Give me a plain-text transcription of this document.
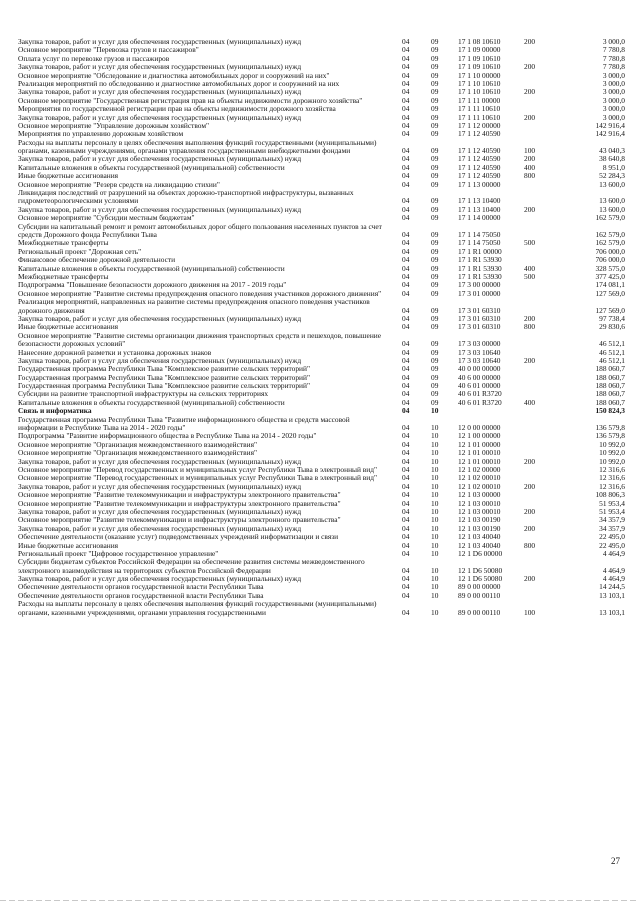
Закупка товаров, работ и услуг для обеспечения государственных (муниципальных) нужд	04	09	17 1 08 10610	200	3 000,0
Основное мероприятие "Перевозка грузов и пассажиров"	04	09	17 1 09 00000	7 780,8
Оплата услуг по перевозке грузов и пассажиров	04	09	17 1 09 10610	7 780,8
Закупка товаров, работ и услуг для обеспечения государственных (муниципальных) нужд	04	09	17 1 09 10610	200	7 780,8
Основное мероприятие "Обследование и диагностика автомобильных дорог и сооружений на них"	04	09	17 1 10 00000	3 000,0
Реализация мероприятий по обследованию и диагностике автомобильных дорог и сооружений на них	04	09	17 1 10 10610	3 000,0
Закупка товаров, работ и услуг для обеспечения государственных (муниципальных) нужд	04	09	17 1 10 10610	200	3 000,0
Основное мероприятие "Государственная регистрация прав на объекты недвижимости дорожного хозяйства"	04	09	17 1 11 00000	3 000,0
Мероприятия по государственной регистрации прав на объекты недвижимости дорожного хозяйства	04	09	17 1 11 10610	3 000,0
Закупка товаров, работ и услуг для обеспечения государственных (муниципальных) нужд	04	09	17 1 11 10610	200	3 000,0
Основное мероприятие "Управление дорожным хозяйством"	04	09	17 1 12 00000	142 916,4
Мероприятия по управлению дорожным хозяйством	04	09	17 1 12 40590	142 916,4
Расходы на выплаты персоналу в целях обеспечения выполнения функций государственными (муниципальными) органами, казенными учреждениями, органами управления государственными внебюджетными фондами	04	09	17 1 12 40590	100	43 040,3
Закупка товаров, работ и услуг для обеспечения государственных (муниципальных) нужд	04	09	17 1 12 40590	200	38 640,8
Капитальные вложения в объекты государственной (муниципальной) собственности	04	09	17 1 12 40590	400	8 951,0
Иные бюджетные ассигнования	04	09	17 1 12 40590	800	52 284,3
Основное мероприятие "Резерв средств на ликвидацию стихии"	04	09	17 1 13 00000	13 600,0
Ликвидация последствий от разрушений на объектах дорожно-транспортной инфраструктуры, вызванных гидрометеорологическими условиями	04	09	17 1 13 10400	13 600,0
Закупка товаров, работ и услуг для обеспечения государственных (муниципальных) нужд	04	09	17 1 13 10400	200	13 600,0
Основное мероприятие "Субсидии местным бюджетам"	04	09	17 1 14 00000	162 579,0
Субсидии на капитальный ремонт и ремонт автомобильных дорог общего пользования населенных пунктов за счет средств Дорожного фонда Республики Тыва	04	09	17 1 14 75050	162 579,0
Межбюджетные трансферты	04	09	17 1 14 75050	500	162 579,0
Региональный проект "Дорожная сеть"	04	09	17 1 R1 00000	706 000,0
Финансовое обеспечение дорожной деятельности	04	09	17 1 R1 53930	706 000,0
Капитальные вложения в объекты государственной (муниципальной) собственности	04	09	17 1 R1 53930	400	328 575,0
Межбюджетные трансферты	04	09	17 1 R1 53930	500	377 425,0
Подпрограмма "Повышение безопасности дорожного движения на 2017 - 2019 годы"	04	09	17 3 00 00000	174 081,1
Основное мероприятие "Развитие системы предупреждения опасного поведения участников дорожного движения"	04	09	17 3 01 00000	127 569,0
Реализация мероприятий, направленных на развитие системы предупреждения опасного поведения участников дорожного движения	04	09	17 3 01 60310	127 569,0
Закупка товаров, работ и услуг для обеспечения государственных (муниципальных) нужд	04	09	17 3 01 60310	200	97 738,4
Иные бюджетные ассигнования	04	09	17 3 01 60310	800	29 830,6
Основное мероприятие "Развитие системы организации движения транспортных средств и пешеходов, повышение безопасности дорожных условий"	04	09	17 3 03 00000	46 512,1
Нанесение дорожной разметки и установка дорожных знаков	04	09	17 3 03 10640	46 512,1
Закупка товаров, работ и услуг для обеспечения государственных (муниципальных) нужд	04	09	17 3 03 10640	200	46 512,1
Государственная программа Республики Тыва "Комплексное развитие сельских территорий"	04	09	40 0 00 00000	188 060,7
Государственная программа Республики Тыва "Комплексное развитие сельских территорий"	04	09	40 6 00 00000	188 060,7
Государственная программа Республики Тыва "Комплексное развитие сельских территорий"	04	09	40 6 01 00000	188 060,7
Субсидии на развитие транспортной инфраструктуры на сельских территориях	04	09	40 6 01 R3720	188 060,7
Капитальные вложения в объекты государственной (муниципальной) собственности	04	09	40 6 01 R3720	400	188 060,7
Связь и информатика	04	10	150 824,3
Государственная программа Республики Тыва "Развитие информационного общества и средств массовой информации в Республике Тыва на 2014 - 2020 годы"	04	10	12 0 00 00000	136 579,8
Подпрограмма "Развитие информационного общества в Республике Тыва на 2014 - 2020 годы"	04	10	12 1 00 00000	136 579,8
Основное мероприятие "Организация межведомственного взаимодействия"	04	10	12 1 01 00000	10 992,0
Основное мероприятие "Организация межведомственного взаимодействия"	04	10	12 1 01 00010	10 992,0
Закупка товаров, работ и услуг для обеспечения государственных (муниципальных) нужд	04	10	12 1 01 00010	200	10 992,0
Основное мероприятие "Перевод государственных и муниципальных услуг Республики Тыва в электронный вид"	04	10	12 1 02 00000	12 316,6
Основное мероприятие "Перевод государственных и муниципальных услуг Республики Тыва в электронный вид"	04	10	12 1 02 00010	12 316,6
Закупка товаров, работ и услуг для обеспечения государственных (муниципальных) нужд	04	10	12 1 02 00010	200	12 316,6
Основное мероприятие "Развитие телекоммуникации и инфраструктуры электронного правительства"	04	10	12 1 03 00000	108 806,3
Основное мероприятие "Развитие телекоммуникации и инфраструктуры электронного правительства"	04	10	12 1 03 00010	51 953,4
Закупка товаров, работ и услуг для обеспечения государственных (муниципальных) нужд	04	10	12 1 03 00010	200	51 953,4
Основное мероприятие "Развитие телекоммуникации и инфраструктуры электронного правительства"	04	10	12 1 03 00190	34 357,9
Закупка товаров, работ и услуг для обеспечения государственных (муниципальных) нужд	04	10	12 1 03 00190	200	34 357,9
Обеспечение деятельности (оказание услуг) подведомственных учреждений информатизации и связи	04	10	12 1 03 40040	22 495,0
Иные бюджетные ассигнования	04	10	12 1 03 40040	800	22 495,0
Региональный проект "Цифровое государственное управление"	04	10	12 1 D6 00000	4 464,9
Субсидии бюджетам субъектов Российской Федерации на обеспечение развития системы межведомственного электронного взаимодействия на территориях субъектов Российской Федерации	04	10	12 1 D6 50080	4 464,9
Закупка товаров, работ и услуг для обеспечения государственных (муниципальных) нужд	04	10	12 1 D6 50080	200	4 464,9
Обеспечение деятельности органов государственной власти Республики Тыва	04	10	89 0 00 00000	14 244,5
Обеспечение деятельности органов государственной власти Республики Тыва	04	10	89 0 00 00110	13 103,1
Расходы на выплаты персоналу в целях обеспечения выполнения функций государственными (муниципальными) органами, казенными учреждениями, органами управления государственными	04	10	89 0 00 00110	100	13 103,1
27
